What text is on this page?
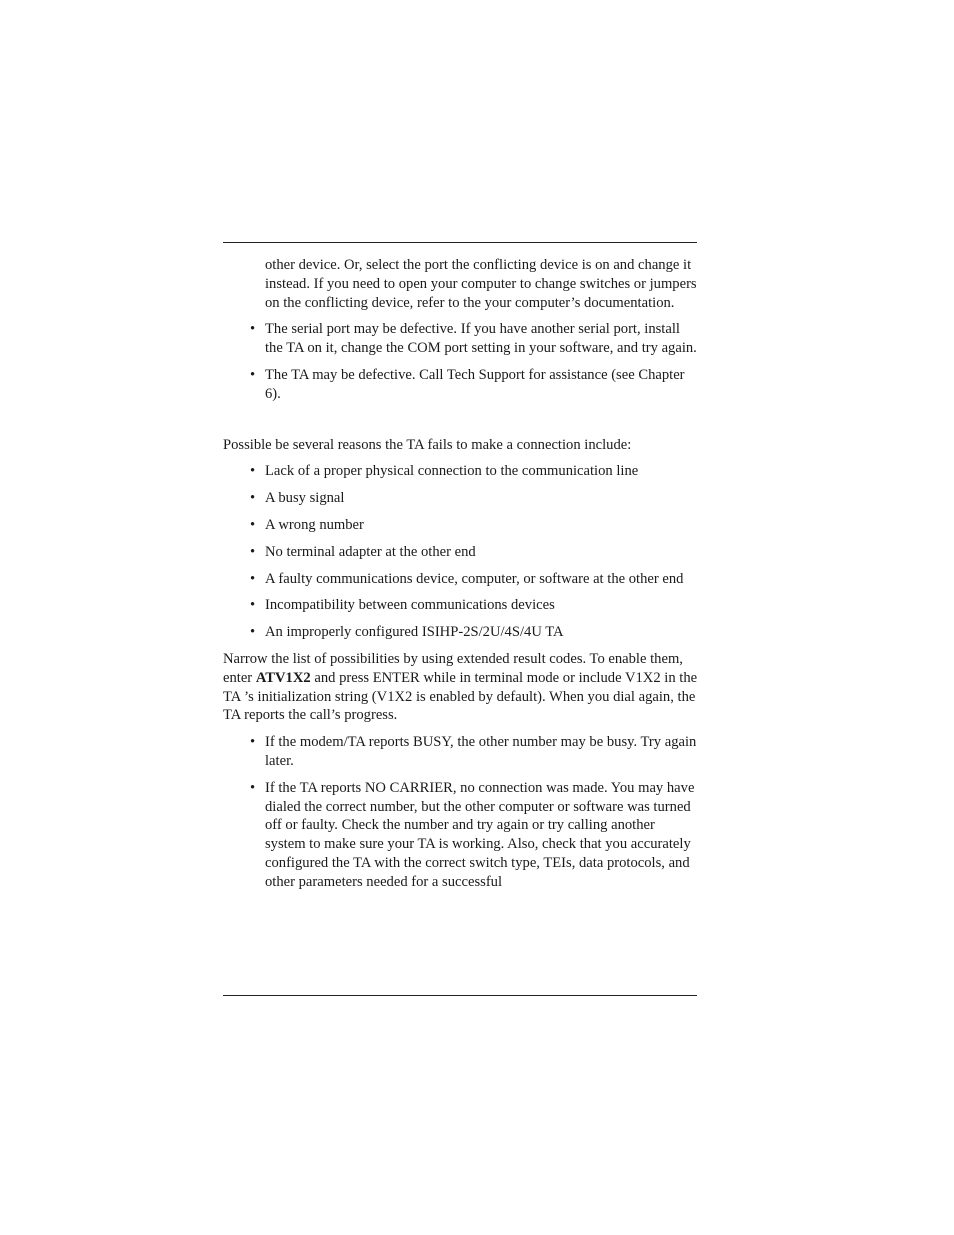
other device. Or, select the port the conflicting device is on and change it instead. If you need to open your computer to change switches or jumpers on the conflicting device, refer to the your computer’s documentation.

• The serial port may be defective. If you have another serial port, install the TA on it, change the COM port setting in your software, and try again.
• The TA may be defective. Call Tech Support for assistance (see Chapter 6).

Possible be several reasons the TA fails to make a connection include:

• Lack of a proper physical connection to the communication line
• A busy signal
• A wrong number
• No terminal adapter at the other end
• A faulty communications device, computer, or software at the other end
• Incompatibility between communications devices
• An improperly configured ISIHP-2S/2U/4S/4U TA

Narrow the list of possibilities by using extended result codes. To enable them, enter ATV1X2 and press ENTER while in terminal mode or include V1X2 in the TA ’s initialization string (V1X2 is enabled by default). When you dial again, the TA reports the call’s progress.

• If the modem/TA reports BUSY, the other number may be busy. Try again later.
• If the TA reports NO CARRIER, no connection was made. You may have dialed the correct number, but the other computer or software was turned off or faulty. Check the number and try again or try calling another system to make sure your TA is working. Also, check that you accurately configured the TA with the correct switch type, TEIs, data protocols, and other parameters needed for a successful
